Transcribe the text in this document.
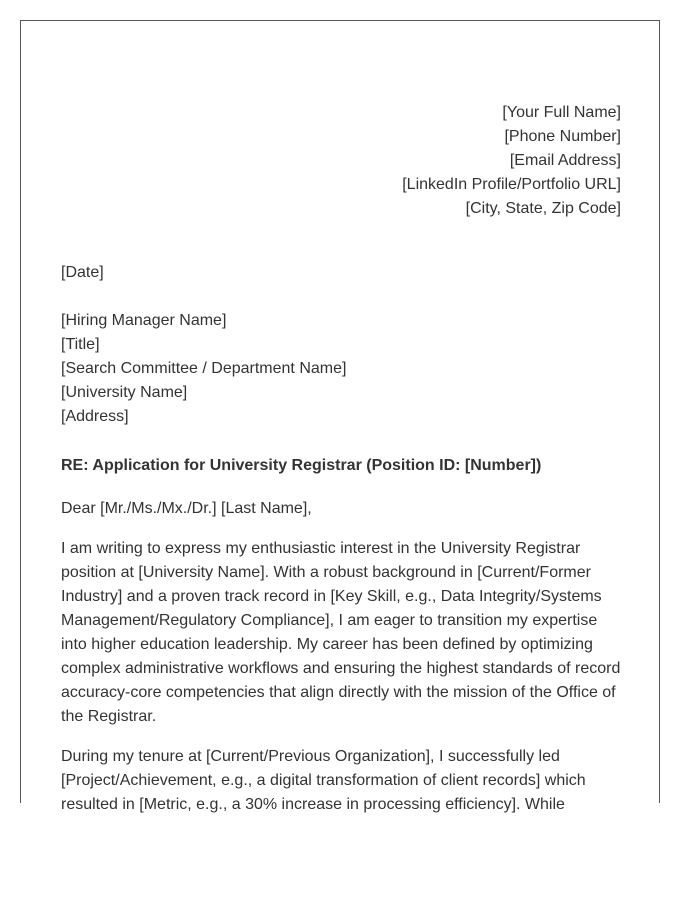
[Your Full Name]
[Phone Number]
[Email Address]
[LinkedIn Profile/Portfolio URL]
[City, State, Zip Code]
[Date]
[Hiring Manager Name]
[Title]
[Search Committee / Department Name]
[University Name]
[Address]
RE: Application for University Registrar (Position ID: [Number])
Dear [Mr./Ms./Mx./Dr.] [Last Name],
I am writing to express my enthusiastic interest in the University Registrar position at [University Name]. With a robust background in [Current/Former Industry] and a proven track record in [Key Skill, e.g., Data Integrity/Systems Management/Regulatory Compliance], I am eager to transition my expertise into higher education leadership. My career has been defined by optimizing complex administrative workflows and ensuring the highest standards of record accuracy-core competencies that align directly with the mission of the Office of the Registrar.
During my tenure at [Current/Previous Organization], I successfully led [Project/Achievement, e.g., a digital transformation of client records] which resulted in [Metric, e.g., a 30% increase in processing efficiency]. While
